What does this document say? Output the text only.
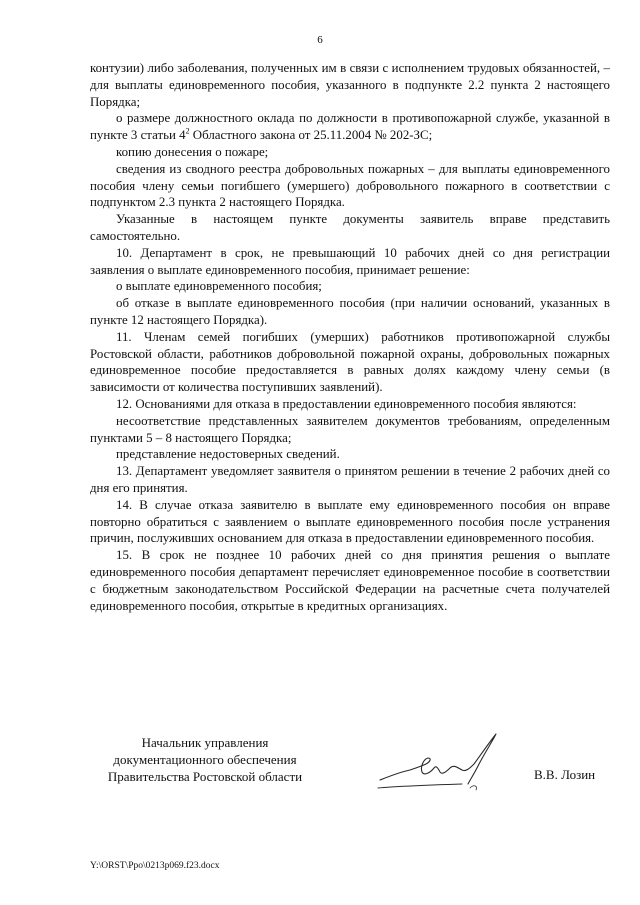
6

контузии) либо заболевания, полученных им в связи с исполнением трудовых обязанностей, – для выплаты единовременного пособия, указанного в подпункте 2.2 пункта 2 настоящего Порядка;

о размере должностного оклада по должности в противопожарной службе, указанной в пункте 3 статьи $4^2$ Областного закона от 25.11.2004 № 202-ЗС;

копию донесения о пожаре;

сведения из сводного реестра добровольных пожарных – для выплаты единовременного пособия члену семьи погибшего (умершего) добровольного пожарного в соответствии с подпунктом 2.3 пункта 2 настоящего Порядка.

Указанные в настоящем пункте документы заявитель вправе представить самостоятельно.

10. Департамент в срок, не превышающий 10 рабочих дней со дня регистрации заявления о выплате единовременного пособия, принимает решение:

о выплате единовременного пособия;

об отказе в выплате единовременного пособия (при наличии оснований, указанных в пункте 12 настоящего Порядка).

11. Членам семей погибших (умерших) работников противопожарной службы Ростовской области, работников добровольной пожарной охраны, добровольных пожарных единовременное пособие предоставляется в равных долях каждому члену семьи (в зависимости от количества поступивших заявлений).

12. Основаниями для отказа в предоставлении единовременного пособия являются:

несоответствие представленных заявителем документов требованиям, определенным пунктами 5 – 8 настоящего Порядка;

представление недостоверных сведений.

13. Департамент уведомляет заявителя о принятом решении в течение 2 рабочих дней со дня его принятия.

14. В случае отказа заявителю в выплате ему единовременного пособия он вправе повторно обратиться с заявлением о выплате единовременного пособия после устранения причин, послуживших основанием для отказа в предоставлении единовременного пособия.

15. В срок не позднее 10 рабочих дней со дня принятия решения о выплате единовременного пособия департамент перечисляет единовременное пособие в соответствии с бюджетным законодательством Российской Федерации на расчетные счета получателей единовременного пособия, открытые в кредитных организациях.

Начальник управления
документационного обеспечения
Правительства Ростовской области	В.В. Лозин
Y:\ORST\Ppo\0213p069.f23.docx
